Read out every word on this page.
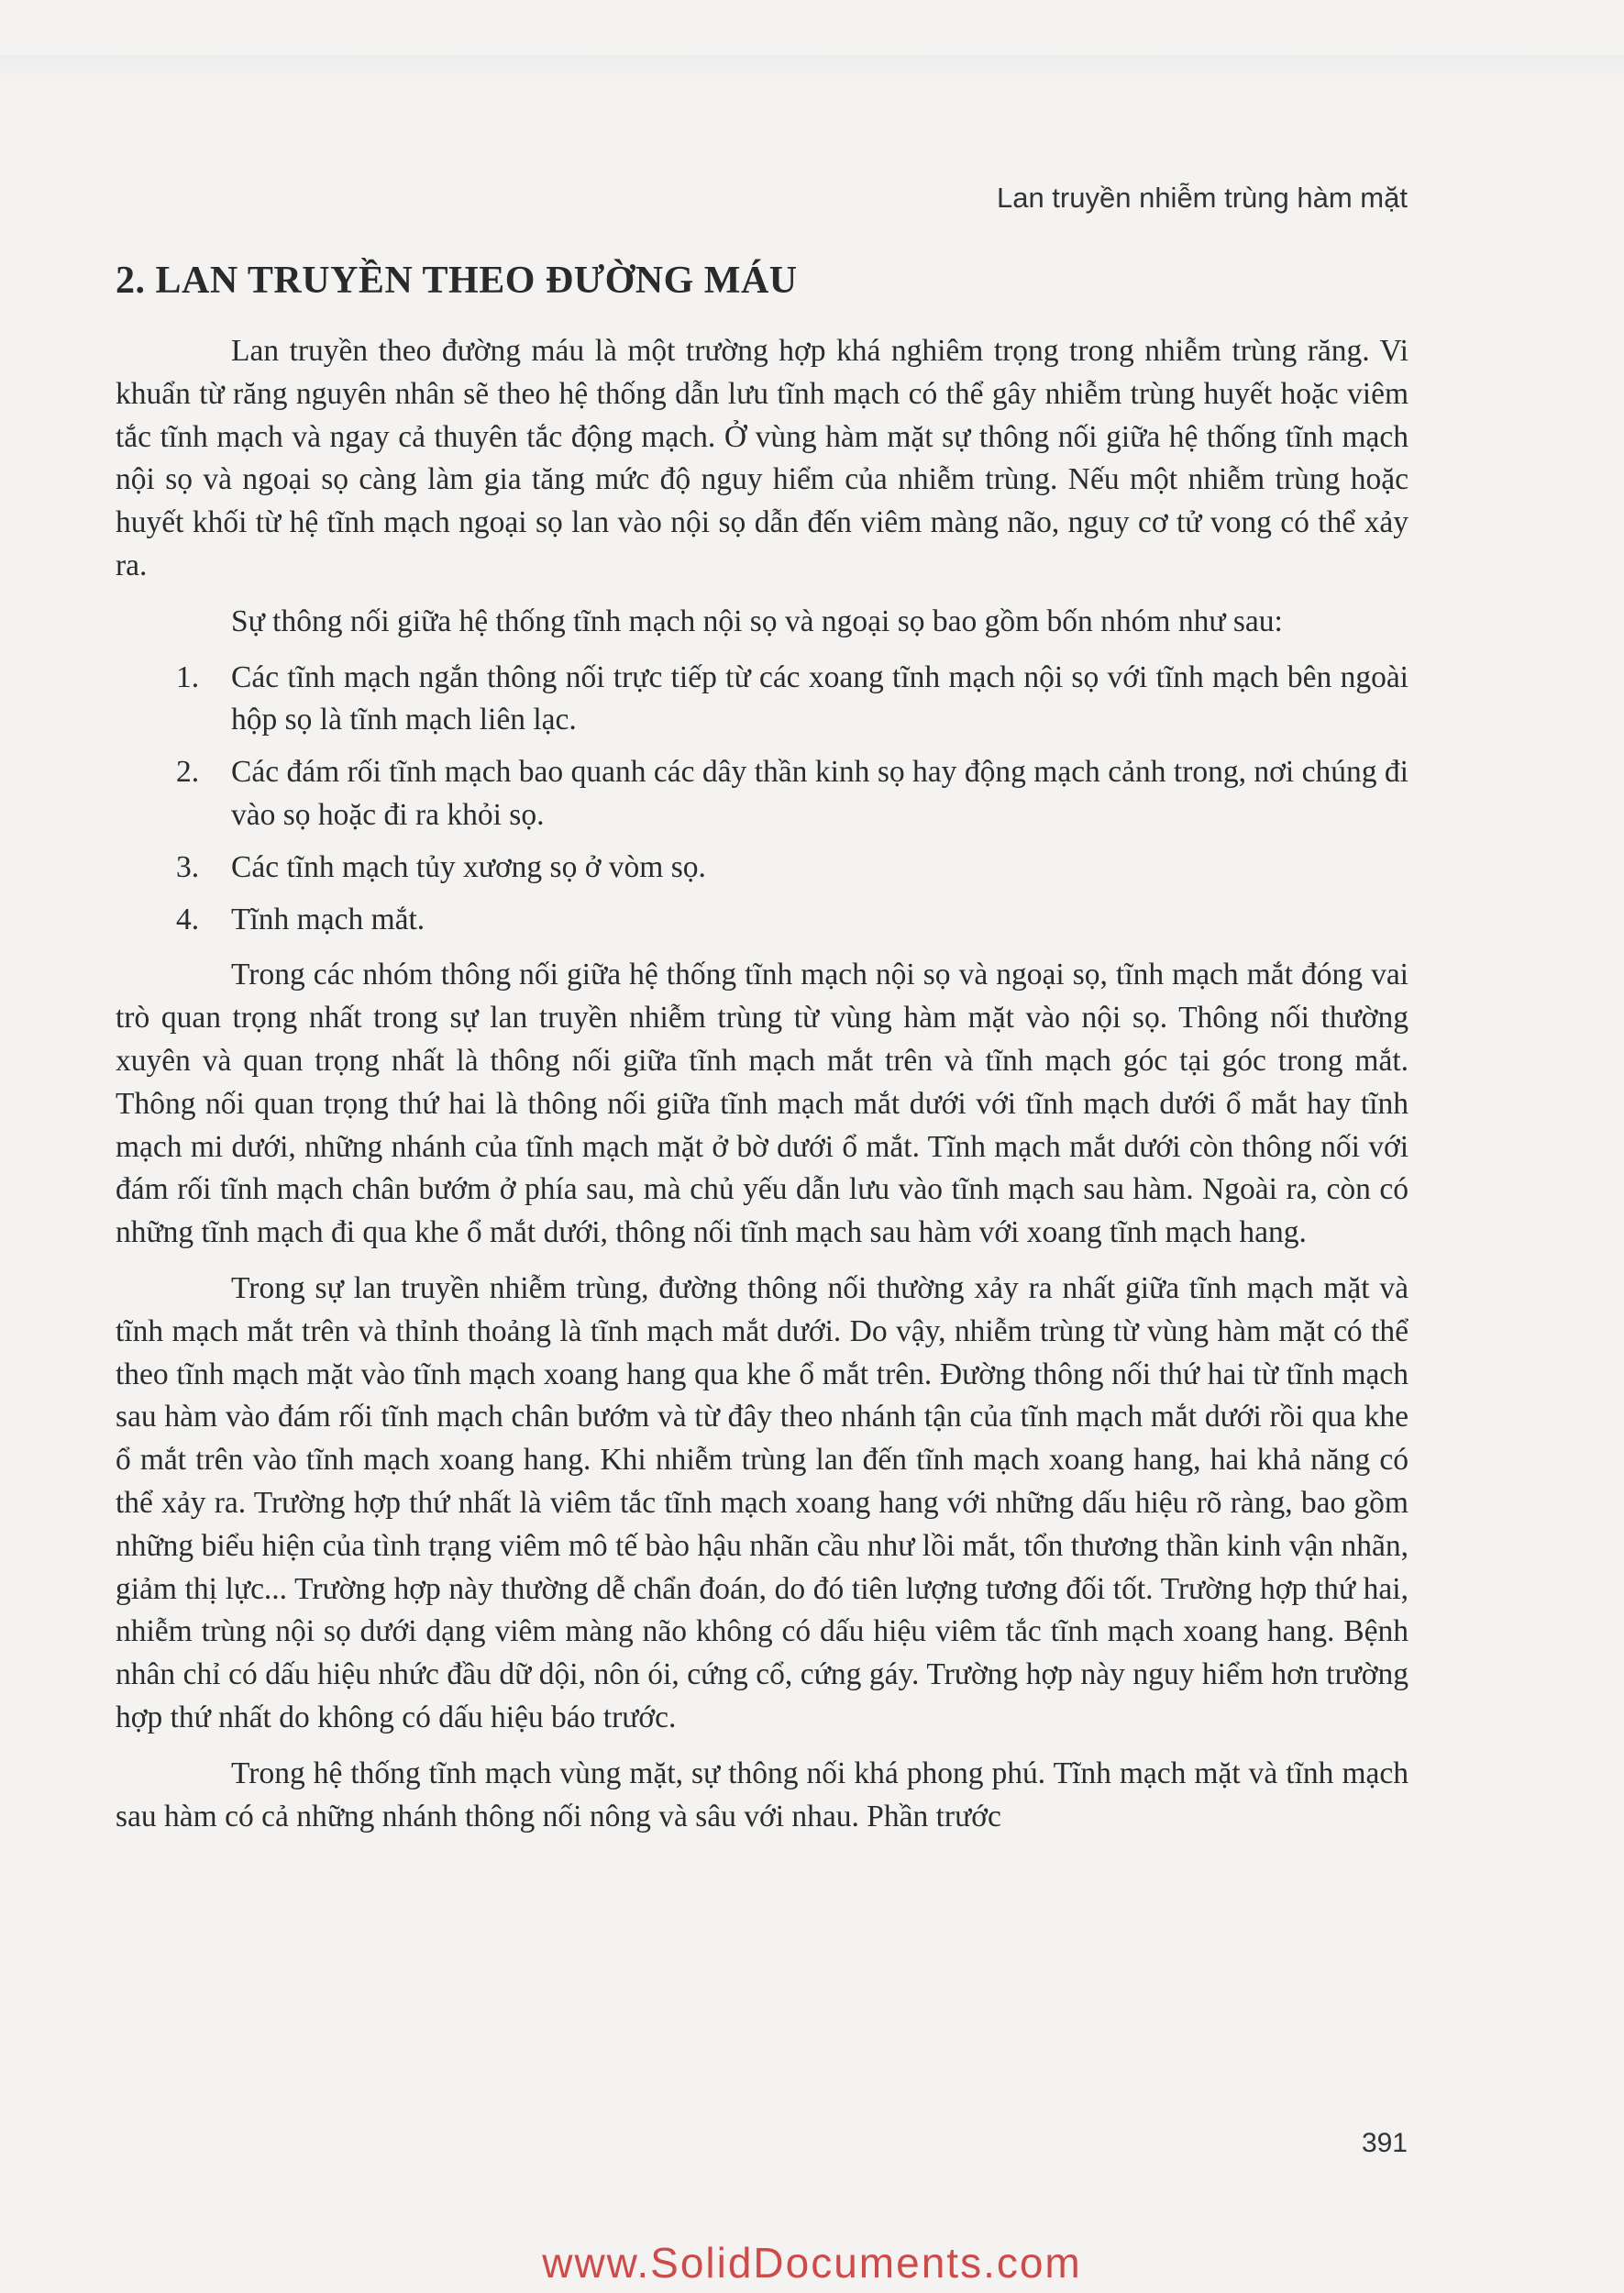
Lan truyền nhiễm trùng hàm mặt
2. LAN TRUYỀN THEO ĐƯỜNG MÁU

Lan truyền theo đường máu là một trường hợp khá nghiêm trọng trong nhiễm trùng răng. Vi khuẩn từ răng nguyên nhân sẽ theo hệ thống dẫn lưu tĩnh mạch có thể gây nhiễm trùng huyết hoặc viêm tắc tĩnh mạch và ngay cả thuyên tắc động mạch. Ở vùng hàm mặt sự thông nối giữa hệ thống tĩnh mạch nội sọ và ngoại sọ càng làm gia tăng mức độ nguy hiểm của nhiễm trùng. Nếu một nhiễm trùng hoặc huyết khối từ hệ tĩnh mạch ngoại sọ lan vào nội sọ dẫn đến viêm màng não, nguy cơ tử vong có thể xảy ra.

Sự thông nối giữa hệ thống tĩnh mạch nội sọ và ngoại sọ bao gồm bốn nhóm như sau:

1. Các tĩnh mạch ngắn thông nối trực tiếp từ các xoang tĩnh mạch nội sọ với tĩnh mạch bên ngoài hộp sọ là tĩnh mạch liên lạc.
2. Các đám rối tĩnh mạch bao quanh các dây thần kinh sọ hay động mạch cảnh trong, nơi chúng đi vào sọ hoặc đi ra khỏi sọ.
3. Các tĩnh mạch tủy xương sọ ở vòm sọ.
4. Tĩnh mạch mắt.

Trong các nhóm thông nối giữa hệ thống tĩnh mạch nội sọ và ngoại sọ, tĩnh mạch mắt đóng vai trò quan trọng nhất trong sự lan truyền nhiễm trùng từ vùng hàm mặt vào nội sọ. Thông nối thường xuyên và quan trọng nhất là thông nối giữa tĩnh mạch mắt trên và tĩnh mạch góc tại góc trong mắt. Thông nối quan trọng thứ hai là thông nối giữa tĩnh mạch mắt dưới với tĩnh mạch dưới ổ mắt hay tĩnh mạch mi dưới, những nhánh của tĩnh mạch mặt ở bờ dưới ổ mắt. Tĩnh mạch mắt dưới còn thông nối với đám rối tĩnh mạch chân bướm ở phía sau, mà chủ yếu dẫn lưu vào tĩnh mạch sau hàm. Ngoài ra, còn có những tĩnh mạch đi qua khe ổ mắt dưới, thông nối tĩnh mạch sau hàm với xoang tĩnh mạch hang.

Trong sự lan truyền nhiễm trùng, đường thông nối thường xảy ra nhất giữa tĩnh mạch mặt và tĩnh mạch mắt trên và thỉnh thoảng là tĩnh mạch mắt dưới. Do vậy, nhiễm trùng từ vùng hàm mặt có thể theo tĩnh mạch mặt vào tĩnh mạch xoang hang qua khe ổ mắt trên. Đường thông nối thứ hai từ tĩnh mạch sau hàm vào đám rối tĩnh mạch chân bướm và từ đây theo nhánh tận của tĩnh mạch mắt dưới rồi qua khe ổ mắt trên vào tĩnh mạch xoang hang. Khi nhiễm trùng lan đến tĩnh mạch xoang hang, hai khả năng có thể xảy ra. Trường hợp thứ nhất là viêm tắc tĩnh mạch xoang hang với những dấu hiệu rõ ràng, bao gồm những biểu hiện của tình trạng viêm mô tế bào hậu nhãn cầu như lồi mắt, tổn thương thần kinh vận nhãn, giảm thị lực... Trường hợp này thường dễ chẩn đoán, do đó tiên lượng tương đối tốt. Trường hợp thứ hai, nhiễm trùng nội sọ dưới dạng viêm màng não không có dấu hiệu viêm tắc tĩnh mạch xoang hang. Bệnh nhân chỉ có dấu hiệu nhức đầu dữ dội, nôn ói, cứng cổ, cứng gáy. Trường hợp này nguy hiểm hơn trường hợp thứ nhất do không có dấu hiệu báo trước.

Trong hệ thống tĩnh mạch vùng mặt, sự thông nối khá phong phú. Tĩnh mạch mặt và tĩnh mạch sau hàm có cả những nhánh thông nối nông và sâu với nhau. Phần trước

391
www.SolidDocuments.com
